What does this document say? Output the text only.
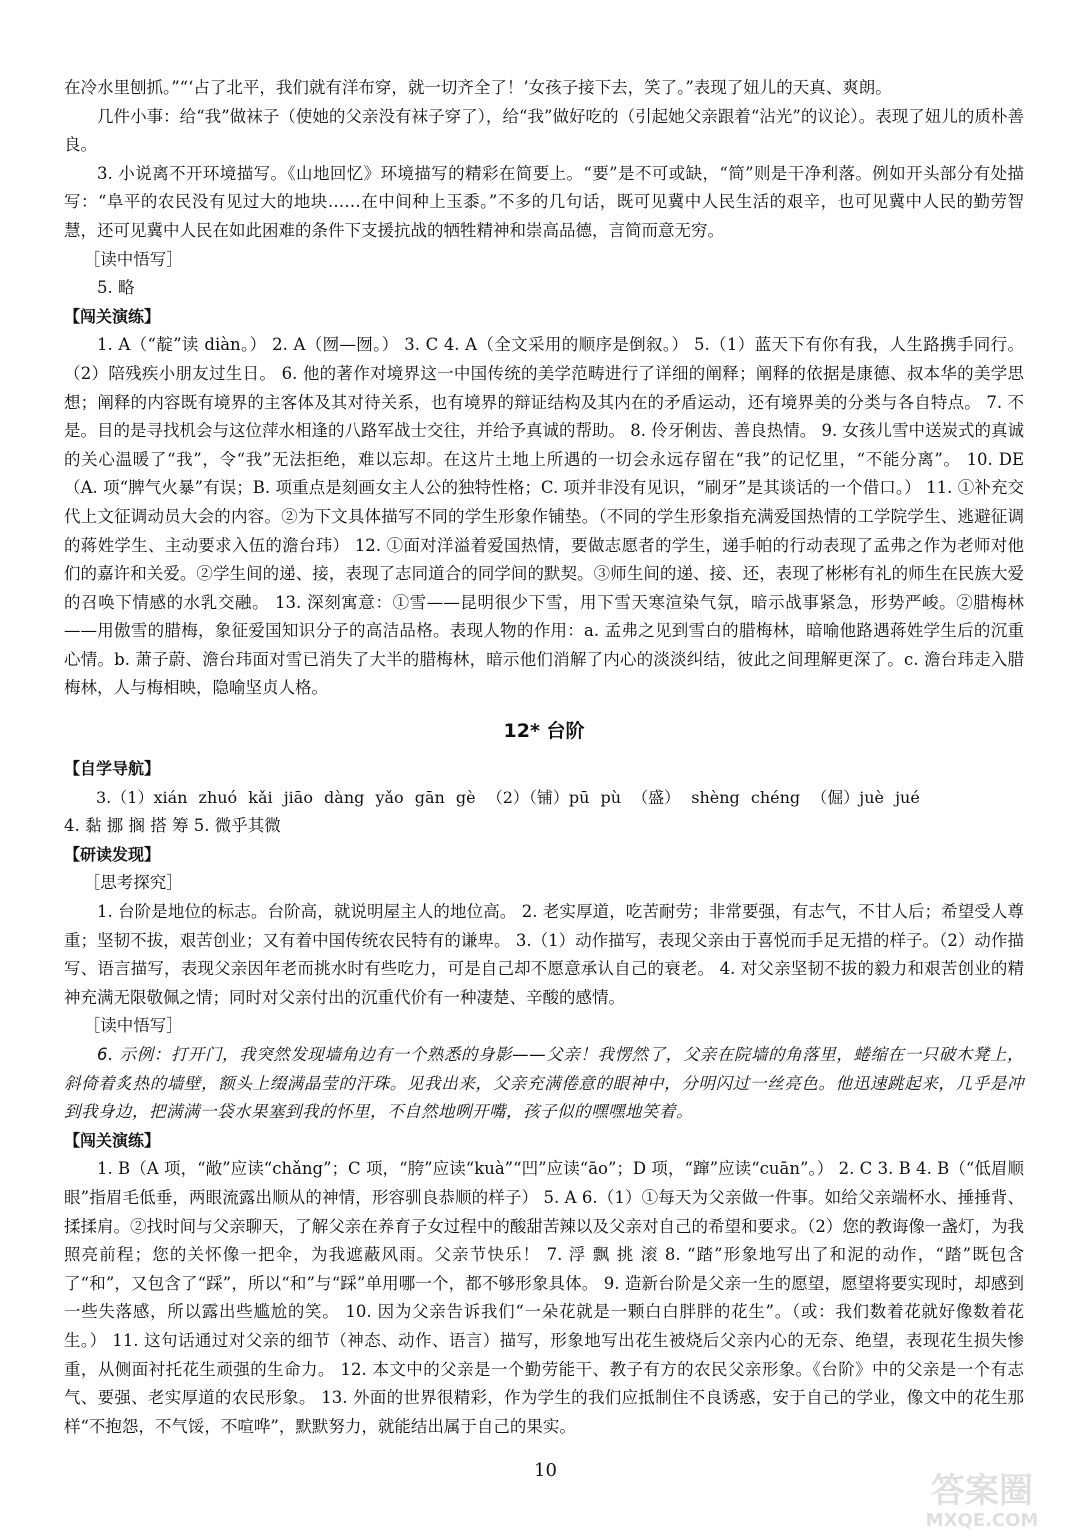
在冷水里刨抓。”“‘占了北平，我们就有洋布穿，就一切齐全了！’女孩子接下去，笑了。”表现了妞儿的天真、爽朗。

几件小事：给“我”做袜子（使她的父亲没有袜子穿了），给“我”做好吃的（引起她父亲跟着“沾光”的议论）。表现了妞儿的质朴善良。

3. 小说离不开环境描写。《山地回忆》环境描写的精彩在简要上。“要”是不可或缺，“简”则是干净利落。例如开头部分有处描写：“阜平的农民没有见过大的地块……在中间种上玉黍。”不多的几句话，既可见冀中人民生活的艰辛，也可见冀中人民的勤劳智慧，还可见冀中人民在如此困难的条件下支援抗战的牺牲精神和崇高品德，言简而意无穷。

［读中悟写］

5. 略

【闯关演练】

1. A（“靛”读 diàn。） 2. A（囫—囫。） 3. C 4. A（全文采用的顺序是倒叙。） 5.（1）蓝天下有你有我，人生路携手同行。（2）陪残疾小朋友过生日。 6. 他的著作对境界这一中国传统的美学范畴进行了详细的阐释；阐释的依据是康德、叔本华的美学思想；阐释的内容既有境界的主客体及其对待关系，也有境界的辩证结构及其内在的矛盾运动，还有境界美的分类与各自特点。 7. 不是。目的是寻找机会与这位萍水相逢的八路军战士交往，并给予真诚的帮助。 8. 伶牙俐齿、善良热情。 9. 女孩儿雪中送炭式的真诚的关心温暖了“我”，令“我”无法拒绝，难以忘却。在这片土地上所遇的一切会永远存留在“我”的记忆里，“不能分离”。 10. DE （A. 项“脾气火暴”有误；B. 项重点是刻画女主人公的独特性格；C. 项并非没有见识，“刷牙”是其谈话的一个借口。） 11. ①补充交代上文征调动员大会的内容。②为下文具体描写不同的学生形象作铺垫。（不同的学生形象指充满爱国热情的工学院学生、逃避征调的蒋姓学生、主动要求入伍的澹台玮） 12. ①面对洋溢着爱国热情，要做志愿者的学生，递手帕的行动表现了孟弗之作为老师对他们的嘉许和关爱。②学生间的递、接，表现了志同道合的同学间的默契。③师生间的递、接、还，表现了彬彬有礼的师生在民族大爱的召唤下情感的水乳交融。 13. 深刻寓意：①雪——昆明很少下雪，用下雪天寒渲染气氛，暗示战事紧急，形势严峻。②腊梅林——用傲雪的腊梅，象征爱国知识分子的高洁品格。表现人物的作用：a. 孟弗之见到雪白的腊梅林，暗喻他路遇蒋姓学生后的沉重心情。b. 萧子蔚、澹台玮面对雪已消失了大半的腊梅林，暗示他们消解了内心的淡淡纠结，彼此之间理解更深了。c. 澹台玮走入腊梅林，人与梅相映，隐喻坚贞人格。

12* 台阶
【自学导航】

3.（1）xián zhuó kǎi jiāo dàng yǎo gān gè （2）（铺）pū pù （盛） shèng chéng （倔）juè jué

4. 黏 挪 搁 搭 筹 5. 微乎其微

【研读发现】
［思考探究］

1. 台阶是地位的标志。台阶高，就说明屋主人的地位高。 2. 老实厚道，吃苦耐劳；非常要强，有志气，不甘人后；希望受人尊重；坚韧不拔，艰苦创业；又有着中国传统农民特有的谦卑。 3.（1）动作描写，表现父亲由于喜悦而手足无措的样子。（2）动作描写、语言描写，表现父亲因年老而挑水时有些吃力，可是自己却不愿意承认自己的衰老。 4. 对父亲坚韧不拔的毅力和艰苦创业的精神充满无限敬佩之情；同时对父亲付出的沉重代价有一种凄楚、辛酸的感情。

［读中悟写］

6. 示例：打开门，我突然发现墙角边有一个熟悉的身影——父亲！我愣然了，父亲在院墙的角落里，蜷缩在一只破木凳上，斜倚着炙热的墙壁，额头上缀满晶莹的汗珠。见我出来，父亲充满倦意的眼神中，分明闪过一丝亮色。他迅速跳起来，几乎是冲到我身边，把满满一袋水果塞到我的怀里，不自然地咧开嘴，孩子似的嘿嘿地笑着。

【闯关演练】

1. B（A 项，“敞”应读“chǎng”；C 项，“胯”应读“kuà”“凹”应读“āo”；D 项，“蹿”应读“cuān”。） 2. C 3. B 4. B（“低眉顺眼”指眉毛低垂，两眼流露出顺从的神情，形容驯良恭顺的样子） 5. A 6.（1）①每天为父亲做一件事。如给父亲端杯水、捶捶背、揉揉肩。②找时间与父亲聊天，了解父亲在养育子女过程中的酸甜苦辣以及父亲对自己的希望和要求。（2）您的教诲像一盏灯，为我照亮前程；您的关怀像一把伞，为我遮蔽风雨。父亲节快乐！ 7. 浮 飘 挑 滚 8. “踏”形象地写出了和泥的动作，“踏”既包含了“和”，又包含了“踩”，所以“和”与“踩”单用哪一个，都不够形象具体。 9. 造新台阶是父亲一生的愿望，愿望将要实现时，却感到一些失落感，所以露出些尴尬的笑。 10. 因为父亲告诉我们“一朵花就是一颗白白胖胖的花生”。（或：我们数着花就好像数着花生。） 11. 这句话通过对父亲的细节（神态、动作、语言）描写，形象地写出花生被烧后父亲内心的无奈、绝望，表现花生损失惨重，从侧面衬托花生顽强的生命力。 12. 本文中的父亲是一个勤劳能干、教子有方的农民父亲形象。《台阶》中的父亲是一个有志气、要强、老实厚道的农民形象。 13. 外面的世界很精彩，作为学生的我们应抵制住不良诱惑，安于自己的学业，像文中的花生那样“不抱怨，不气馁，不喧哗”，默默努力，就能结出属于自己的果实。

10
答案圈
MXQE.COM
